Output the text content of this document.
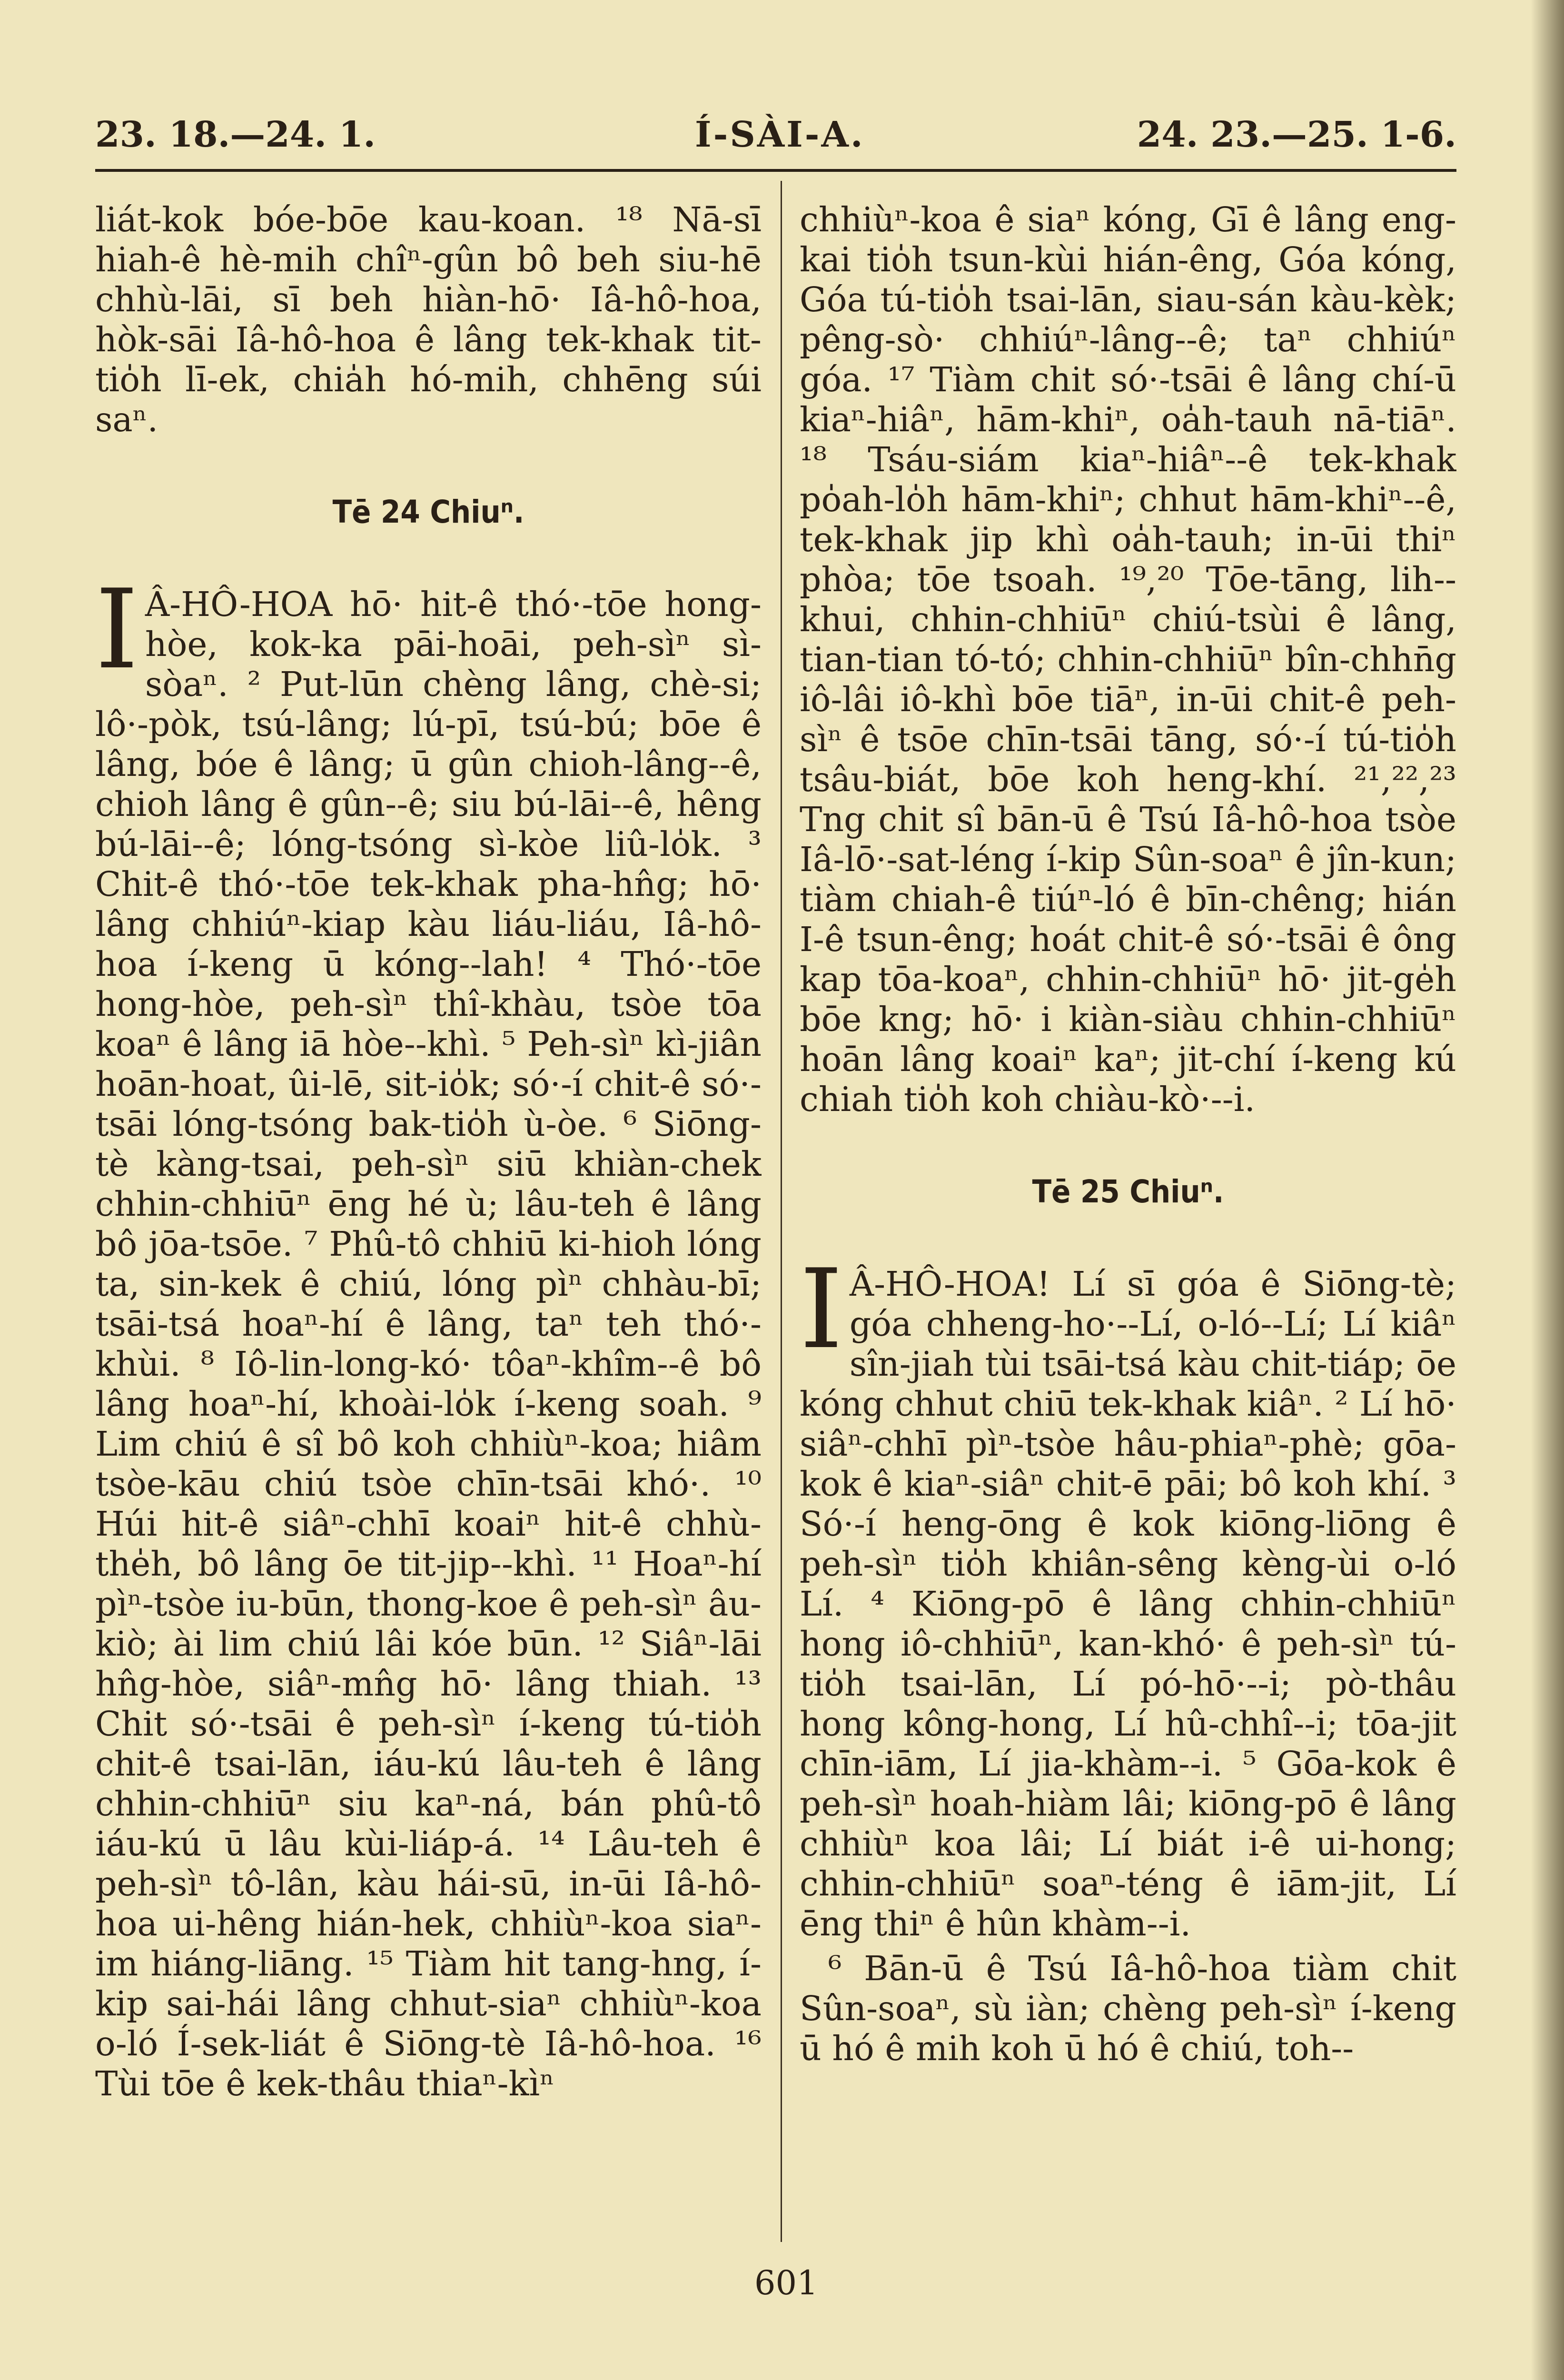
23. 18.—24. 1.	Í-SÀI-A.	24. 23.—25. 1-6.

liát-kok bóe-bōe kau-koan. ¹⁸ Nā-sī hiah-ê hè-mih chîⁿ-gûn bô beh siu-hē chhù-lāi, sī beh hiàn-hō· Iâ-hô-hoa, hòk-sāi Iâ-hô-hoa ê lâng tek-khak tit-tio̍h lī-ek, chia̍h hó-mih, chhēng súi saⁿ.

Tē 24 Chiuⁿ.

I Â-HÔ-HOA hō· hit-ê thó·-tōe hong-hòe, kok-ka pāi-hoāi, peh-sìⁿ sì-sòaⁿ. ² Put-lūn chèng lâng, chè-si; lô·-pòk, tsú-lâng; lú-pī, tsú-bú; bōe ê lâng, bóe ê lâng; ū gûn chioh-lâng--ê, chioh lâng ê gûn--ê; siu bú-lāi--ê, hêng bú-lāi--ê; lóng-tsóng sì-kòe liû-lo̍k. ³ Chit-ê thó·-tōe tek-khak pha-hn̂g; hō· lâng chhiúⁿ-kiap kàu liáu-liáu, Iâ-hô-hoa í-keng ū kóng--lah! ⁴ Thó·-tōe hong-hòe, peh-sìⁿ thî-khàu, tsòe tōa koaⁿ ê lâng iā hòe--khì. ⁵ Peh-sìⁿ kì-jiân hoān-hoat, ûi-lē, sit-io̍k; só·-í chit-ê só·-tsāi lóng-tsóng bak-tio̍h ù-òe. ⁶ Siōng-tè kàng-tsai, peh-sìⁿ siū khiàn-chek chhin-chhiūⁿ ēng hé ù; lâu-teh ê lâng bô jōa-tsōe. ⁷ Phû-tô chhiū ki-hioh lóng ta, sin-kek ê chiú, lóng pìⁿ chhàu-bī; tsāi-tsá hoaⁿ-hí ê lâng, taⁿ teh thó·-khùi. ⁸ Iô-lin-long-kó· tôaⁿ-khîm--ê bô lâng hoaⁿ-hí, khoài-lo̍k í-keng soah. ⁹ Lim chiú ê sî bô koh chhiùⁿ-koa; hiâm tsòe-kāu chiú tsòe chīn-tsāi khó·. ¹⁰ Húi hit-ê siâⁿ-chhī koaiⁿ hit-ê chhù-the̍h, bô lâng ōe tit-jip--khì. ¹¹ Hoaⁿ-hí pìⁿ-tsòe iu-būn, thong-koe ê peh-sìⁿ âu-kiò; ài lim chiú lâi kóe būn. ¹² Siâⁿ-lāi hn̂g-hòe, siâⁿ-mn̂g hō· lâng thiah. ¹³ Chit só·-tsāi ê peh-sìⁿ í-keng tú-tio̍h chit-ê tsai-lān, iáu-kú lâu-teh ê lâng chhin-chhiūⁿ siu kaⁿ-ná, bán phû-tô iáu-kú ū lâu kùi-liáp-á. ¹⁴ Lâu-teh ê peh-sìⁿ tô-lân, kàu hái-sū, in-ūi Iâ-hô-hoa ui-hêng hián-hek, chhiùⁿ-koa siaⁿ-im hiáng-liāng. ¹⁵ Tiàm hit tang-hng, í-kip sai-hái lâng chhut-siaⁿ chhiùⁿ-koa o-ló Í-sek-liát ê Siōng-tè Iâ-hô-hoa. ¹⁶ Tùi tōe ê kek-thâu thiaⁿ-kìⁿ

chhiùⁿ-koa ê siaⁿ kóng, Gī ê lâng eng-kai tio̍h tsun-kùi hián-êng, Góa kóng, Góa tú-tio̍h tsai-lān, siau-sán kàu-kèk; pêng-sò· chhiúⁿ-lâng--ê; taⁿ chhiúⁿ góa. ¹⁷ Tiàm chit só·-tsāi ê lâng chí-ū kiaⁿ-hiâⁿ, hām-khiⁿ, oa̍h-tauh nā-tiāⁿ. ¹⁸ Tsáu-siám kiaⁿ-hiâⁿ--ê tek-khak po̍ah-lo̍h hām-khiⁿ; chhut hām-khiⁿ--ê, tek-khak jip khì oa̍h-tauh; in-ūi thiⁿ phòa; tōe tsoah. ¹⁹,²⁰ Tōe-tāng, lih--khui, chhin-chhiūⁿ chiú-tsùi ê lâng, tian-tian tó-tó; chhin-chhiūⁿ bîn-chhn̄g iô-lâi iô-khì bōe tiāⁿ, in-ūi chit-ê peh-sìⁿ ê tsōe chīn-tsāi tāng, só·-í tú-tio̍h tsâu-biát, bōe koh heng-khí. ²¹,²²,²³ Tng chit sî bān-ū ê Tsú Iâ-hô-hoa tsòe Iâ-lō·-sat-léng í-kip Sûn-soaⁿ ê jîn-kun; tiàm chiah-ê tiúⁿ-ló ê bīn-chêng; hián I-ê tsun-êng; hoát chit-ê só·-tsāi ê ông kap tōa-koaⁿ, chhin-chhiūⁿ hō· jit-ge̍h bōe kng; hō· i kiàn-siàu chhin-chhiūⁿ hoān lâng koaiⁿ kaⁿ; jit-chí í-keng kú chiah tio̍h koh chiàu-kò·--i.

Tē 25 Chiuⁿ.

I Â-HÔ-HOA! Lí sī góa ê Siōng-tè; góa chheng-ho·--Lí, o-ló--Lí; Lí kiâⁿ sîn-jiah tùi tsāi-tsá kàu chit-tiáp; ōe kóng chhut chiū tek-khak kiâⁿ. ² Lí hō· siâⁿ-chhī pìⁿ-tsòe hâu-phiaⁿ-phè; gōa-kok ê kiaⁿ-siâⁿ chit-ē pāi; bô koh khí. ³ Só·-í heng-ōng ê kok kiōng-liōng ê peh-sìⁿ tio̍h khiân-sêng kèng-ùi o-ló Lí. ⁴ Kiōng-pō ê lâng chhin-chhiūⁿ hong iô-chhiūⁿ, kan-khó· ê peh-sìⁿ tú-tio̍h tsai-lān, Lí pó-hō·--i; pò-thâu hong kông-hong, Lí hû-chhî--i; tōa-jit chīn-iām, Lí jia-khàm--i. ⁵ Gōa-kok ê peh-sìⁿ hoah-hiàm lâi; kiōng-pō ê lâng chhiùⁿ koa lâi; Lí biát i-ê ui-hong; chhin-chhiūⁿ soaⁿ-téng ê iām-jit, Lí ēng thiⁿ ê hûn khàm--i.

⁶ Bān-ū ê Tsú Iâ-hô-hoa tiàm chit Sûn-soaⁿ, sù iàn; chèng peh-sìⁿ í-keng ū hó ê mih koh ū hó ê chiú, toh--

601
